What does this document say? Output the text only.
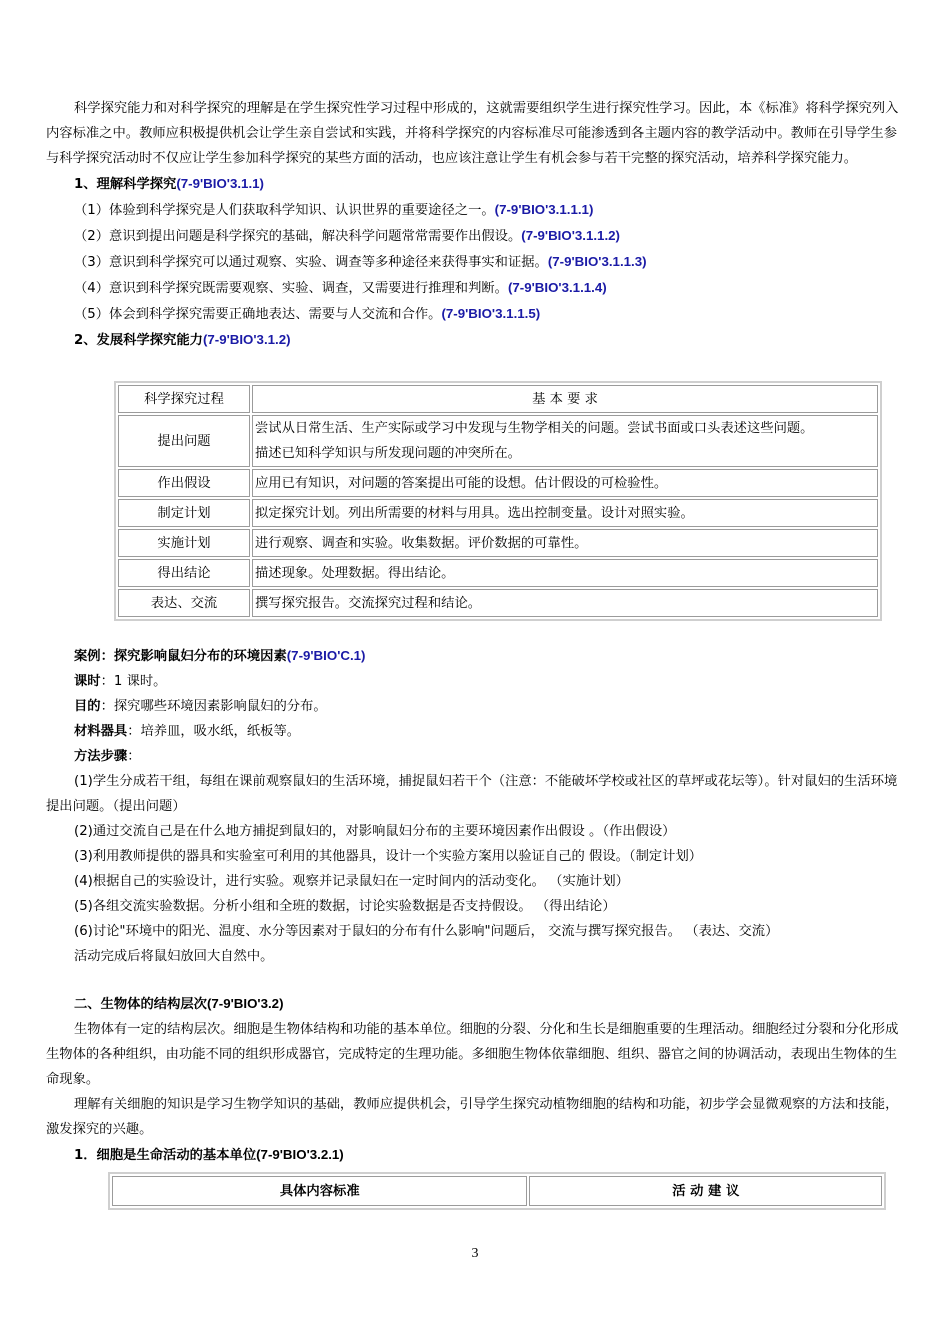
科学探究能力和对科学探究的理解是在学生探究性学习过程中形成的，这就需要组织学生进行探究性学习。因此，本《标准》将科学探究列入内容标准之中。教师应积极提供机会让学生亲自尝试和实践，并将科学探究的内容标准尽可能渗透到各主题内容的教学活动中。教师在引导学生参与科学探究活动时不仅应让学生参加科学探究的某些方面的活动，也应该注意让学生有机会参与若干完整的探究活动，培养科学探究能力。

1、理解科学探究(7-9'BIO'3.1.1)

（1）体验到科学探究是人们获取科学知识、认识世界的重要途径之一。(7-9'BIO'3.1.1.1)

（2）意识到提出问题是科学探究的基础，解决科学问题常常需要作出假设。(7-9'BIO'3.1.1.2)

（3）意识到科学探究可以通过观察、实验、调查等多种途径来获得事实和证据。(7-9'BIO'3.1.1.3)

（4）意识到科学探究既需要观察、实验、调查，又需要进行推理和判断。(7-9'BIO'3.1.1.4)

（5）体会到科学探究需要正确地表达、需要与人交流和合作。(7-9'BIO'3.1.1.5)

2、发展科学探究能力(7-9'BIO'3.1.2)

科学探究过程	基 本 要 求
提出问题	尝试从日常生活、生产实际或学习中发现与生物学相关的问题。尝试书面或口头表述这些问题。
描述已知科学知识与所发现问题的冲突所在。

作出假设	应用已有知识，对问题的答案提出可能的设想。估计假设的可检验性。
制定计划	拟定探究计划。列出所需要的材料与用具。选出控制变量。设计对照实验。
实施计划	进行观察、调查和实验。收集数据。评价数据的可靠性。
得出结论	描述现象。处理数据。得出结论。
表达、交流	撰写探究报告。交流探究过程和结论。

案例：探究影响鼠妇分布的环境因素(7-9'BIO'C.1)

课时：1 课时。

目的：探究哪些环境因素影响鼠妇的分布。

材料器具：培养皿，吸水纸，纸板等。

方法步骤：

(1)学生分成若干组，每组在课前观察鼠妇的生活环境，捕捉鼠妇若干个（注意：不能破坏学校或社区的草坪或花坛等）。针对鼠妇的生活环境提出问题。（提出问题）

(2)通过交流自己是在什么地方捕捉到鼠妇的，对影响鼠妇分布的主要环境因素作出假设 。（作出假设）

(3)利用教师提供的器具和实验室可利用的其他器具，设计一个实验方案用以验证自己的 假设。（制定计划）

(4)根据自己的实验设计，进行实验。观察并记录鼠妇在一定时间内的活动变化。 （实施计划）

(5)各组交流实验数据。分析小组和全班的数据，讨论实验数据是否支持假设。 （得出结论）

(6)讨论"环境中的阳光、温度、水分等因素对于鼠妇的分布有什么影响"问题后， 交流与撰写探究报告。 （表达、交流）

活动完成后将鼠妇放回大自然中。

二、生物体的结构层次(7-9'BIO'3.2)

生物体有一定的结构层次。细胞是生物体结构和功能的基本单位。细胞的分裂、分化和生长是细胞重要的生理活动。细胞经过分裂和分化形成生物体的各种组织，由功能不同的组织形成器官，完成特定的生理功能。多细胞生物体依靠细胞、组织、器官之间的协调活动，表现出生物体的生命现象。

理解有关细胞的知识是学习生物学知识的基础，教师应提供机会，引导学生探究动植物细胞的结构和功能，初步学会显微观察的方法和技能，激发探究的兴趣。

1．细胞是生命活动的基本单位(7-9'BIO'3.2.1)

具体内容标准	活 动 建 议
3
